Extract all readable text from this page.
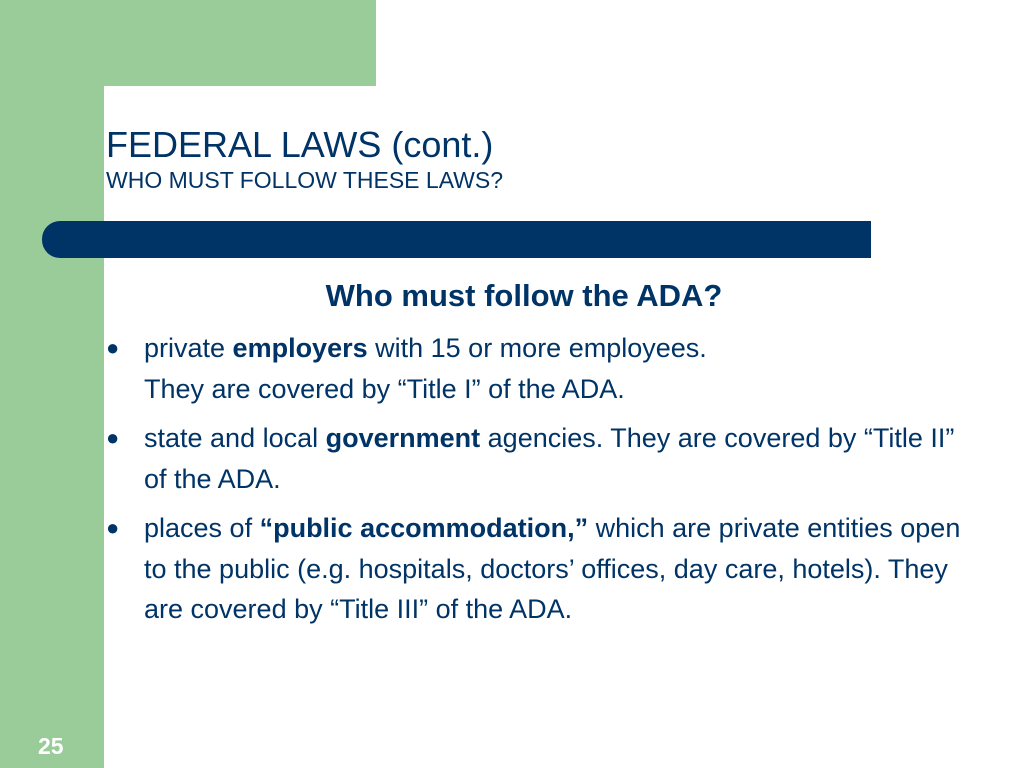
FEDERAL LAWS (cont.)
WHO MUST FOLLOW THESE LAWS?
Who must follow the ADA?
● private employers with 15 or more employees.
They are covered by “Title I” of the ADA.
● state and local government agencies. They are covered by “Title II” of the ADA.
● places of “public accommodation,” which are private entities open to the public (e.g. hospitals, doctors’ offices, day care, hotels). They are covered by “Title III” of the ADA.
25
